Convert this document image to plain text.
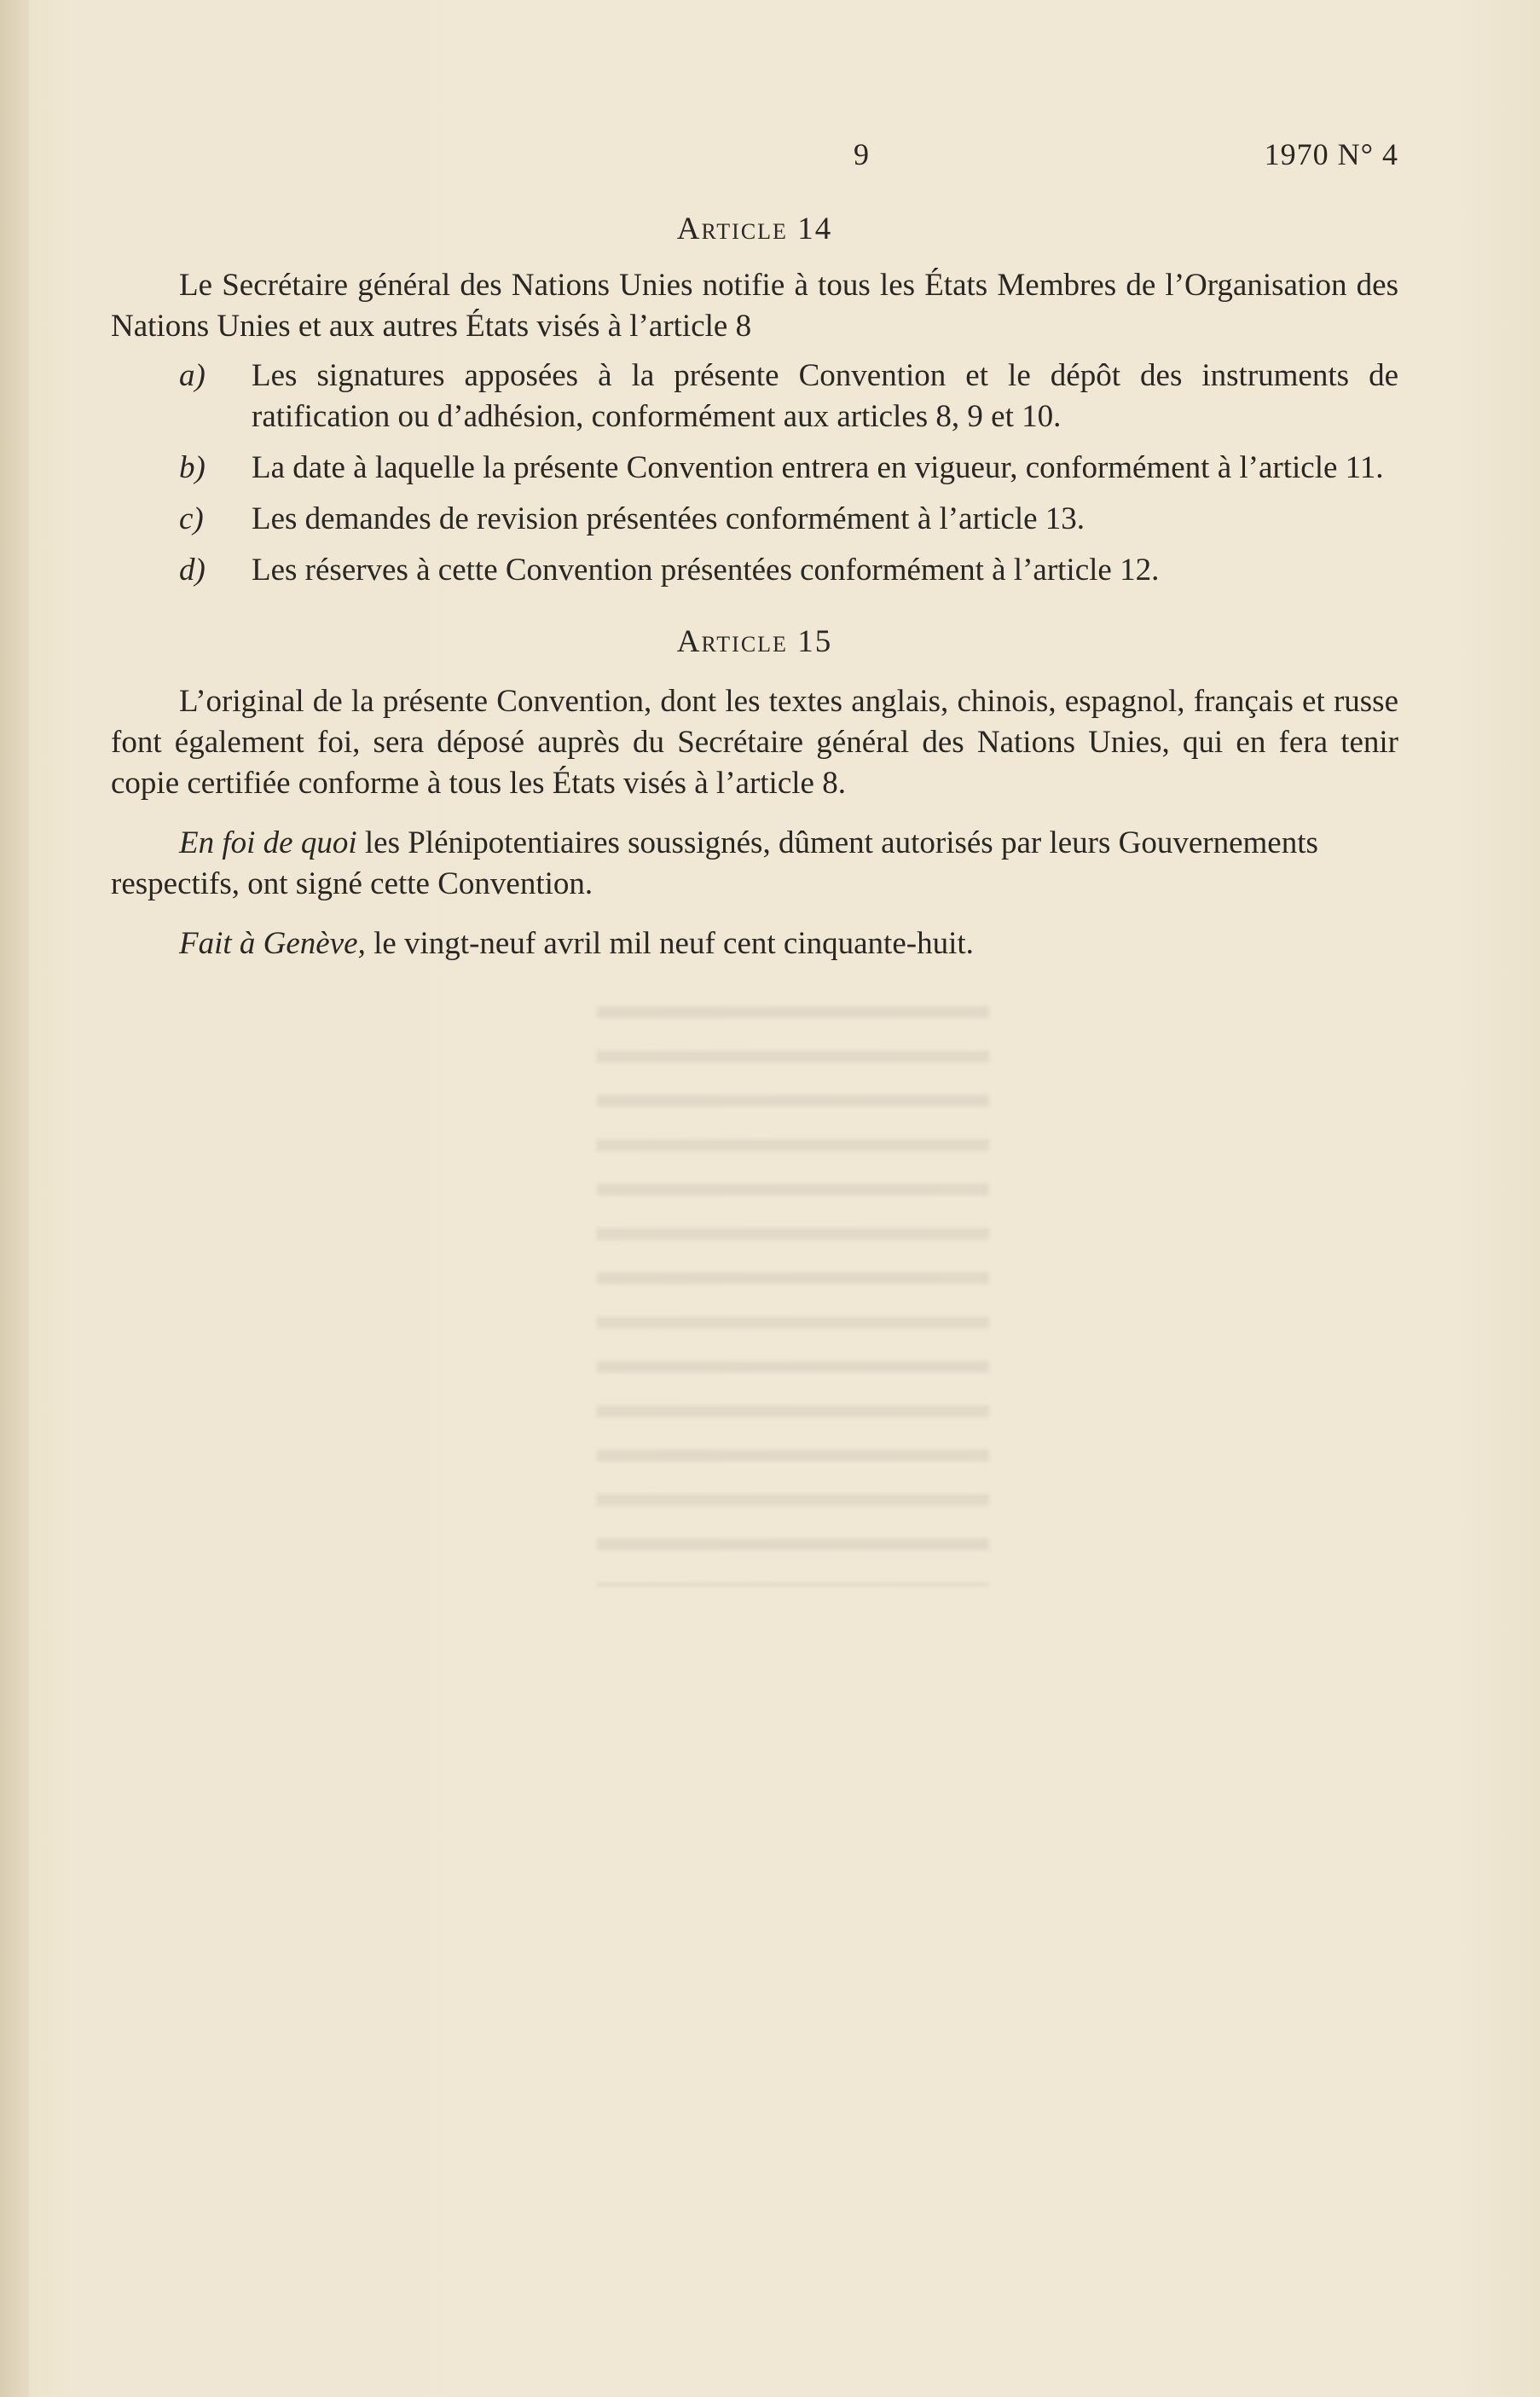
9	1970 N° 4
Article 14

Le Secrétaire général des Nations Unies notifie à tous les États Membres de l’Organisation des Nations Unies et aux autres États visés à l’article 8

a) Les signatures apposées à la présente Convention et le dépôt des instruments de ratification ou d’adhésion, conformément aux articles 8, 9 et 10.
b) La date à laquelle la présente Convention entrera en vigueur, conformément à l’article 11.
c) Les demandes de revision présentées conformément à l’article 13.
d) Les réserves à cette Convention présentées conformément à l’article 12.
Article 15

L’original de la présente Convention, dont les textes anglais, chinois, espagnol, français et russe font également foi, sera déposé auprès du Secrétaire général des Nations Unies, qui en fera tenir copie certifiée conforme à tous les États visés à l’article 8.

En foi de quoi les Plénipotentiaires soussignés, dûment autorisés par leurs Gouvernements respectifs, ont signé cette Convention.

Fait à Genève, le vingt-neuf avril mil neuf cent cinquante-huit.
